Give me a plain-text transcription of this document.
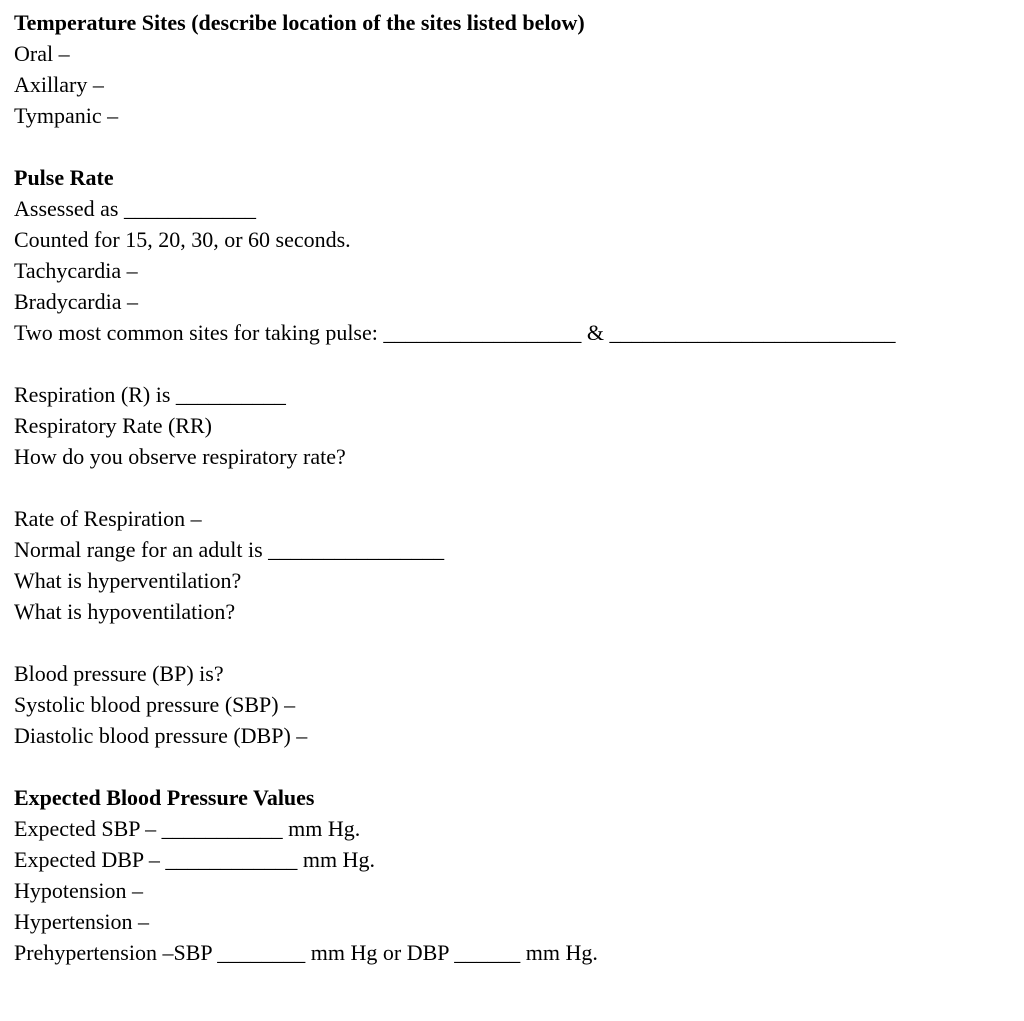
Temperature Sites (describe location of the sites listed below)
Oral –
Axillary –
Tympanic –
Pulse Rate
Assessed as ____________
Counted for 15, 20, 30, or 60 seconds.
Tachycardia –
Bradycardia –
Two most common sites for taking pulse: __________________ & __________________________
Respiration (R) is __________
Respiratory Rate (RR)
How do you observe respiratory rate?
Rate of Respiration –
Normal range for an adult is ________________
What is hyperventilation?
What is hypoventilation?
Blood pressure (BP) is?
Systolic blood pressure (SBP) –
Diastolic blood pressure (DBP) –
Expected Blood Pressure Values
Expected SBP – ___________ mm Hg.
Expected DBP – ____________ mm Hg.
Hypotension –
Hypertension –
Prehypertension –SBP ________ mm Hg or DBP ______ mm Hg.
